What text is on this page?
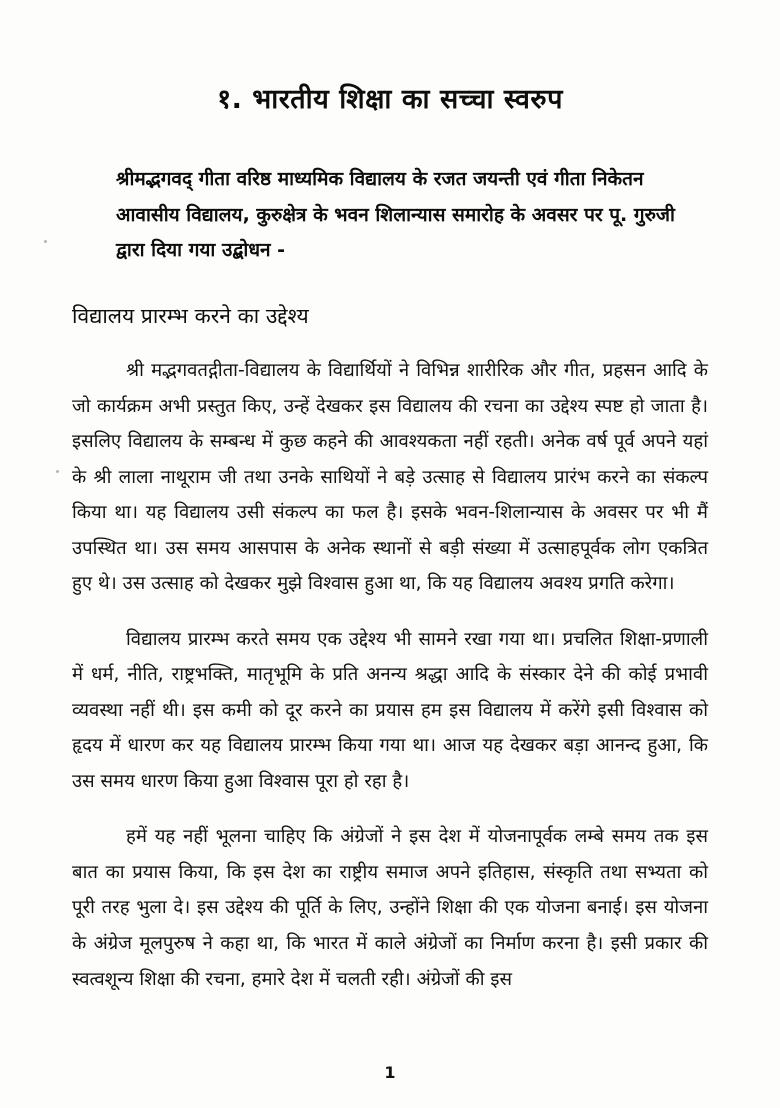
१. भारतीय शिक्षा का सच्चा स्वरुप
श्रीमद्भगवद् गीता वरिष्ठ माध्यमिक विद्यालय के रजत जयन्ती एवं गीता निकेतन आवासीय विद्यालय, कुरुक्षेत्र के भवन शिलान्यास समारोह के अवसर पर पू. गुरुजी द्वारा दिया गया उद्बोधन -
विद्यालय प्रारम्भ करने का उद्देश्य

श्री मद्भगवतद्गीता-विद्यालय के विद्यार्थियों ने विभिन्न शारीरिक और गीत, प्रहसन आदि के जो कार्यक्रम अभी प्रस्तुत किए, उन्हें देखकर इस विद्यालय की रचना का उद्देश्य स्पष्ट हो जाता है। इसलिए विद्यालय के सम्बन्ध में कुछ कहने की आवश्यकता नहीं रहती। अनेक वर्ष पूर्व अपने यहां के श्री लाला नाथूराम जी तथा उनके साथियों ने बड़े उत्साह से विद्यालय प्रारंभ करने का संकल्प किया था। यह विद्यालय उसी संकल्प का फल है। इसके भवन-शिलान्यास के अवसर पर भी मैं उपस्थित था। उस समय आसपास के अनेक स्थानों से बड़ी संख्या में उत्साहपूर्वक लोग एकत्रित हुए थे। उस उत्साह को देखकर मुझे विश्वास हुआ था, कि यह विद्यालय अवश्य प्रगति करेगा।

विद्यालय प्रारम्भ करते समय एक उद्देश्य भी सामने रखा गया था। प्रचलित शिक्षा-प्रणाली में धर्म, नीति, राष्ट्रभक्ति, मातृभूमि के प्रति अनन्य श्रद्धा आदि के संस्कार देने की कोई प्रभावी व्यवस्था नहीं थी। इस कमी को दूर करने का प्रयास हम इस विद्यालय में करेंगे इसी विश्वास को हृदय में धारण कर यह विद्यालय प्रारम्भ किया गया था। आज यह देखकर बड़ा आनन्द हुआ, कि उस समय धारण किया हुआ विश्वास पूरा हो रहा है।

हमें यह नहीं भूलना चाहिए कि अंग्रेजों ने इस देश में योजनापूर्वक लम्बे समय तक इस बात का प्रयास किया, कि इस देश का राष्ट्रीय समाज अपने इतिहास, संस्कृति तथा सभ्यता को पूरी तरह भुला दे। इस उद्देश्य की पूर्ति के लिए, उन्होंने शिक्षा की एक योजना बनाई। इस योजना के अंग्रेज मूलपुरुष ने कहा था, कि भारत में काले अंग्रेजों का निर्माण करना है। इसी प्रकार की स्वत्वशून्य शिक्षा की रचना, हमारे देश में चलती रही। अंग्रेजों की इस

1
